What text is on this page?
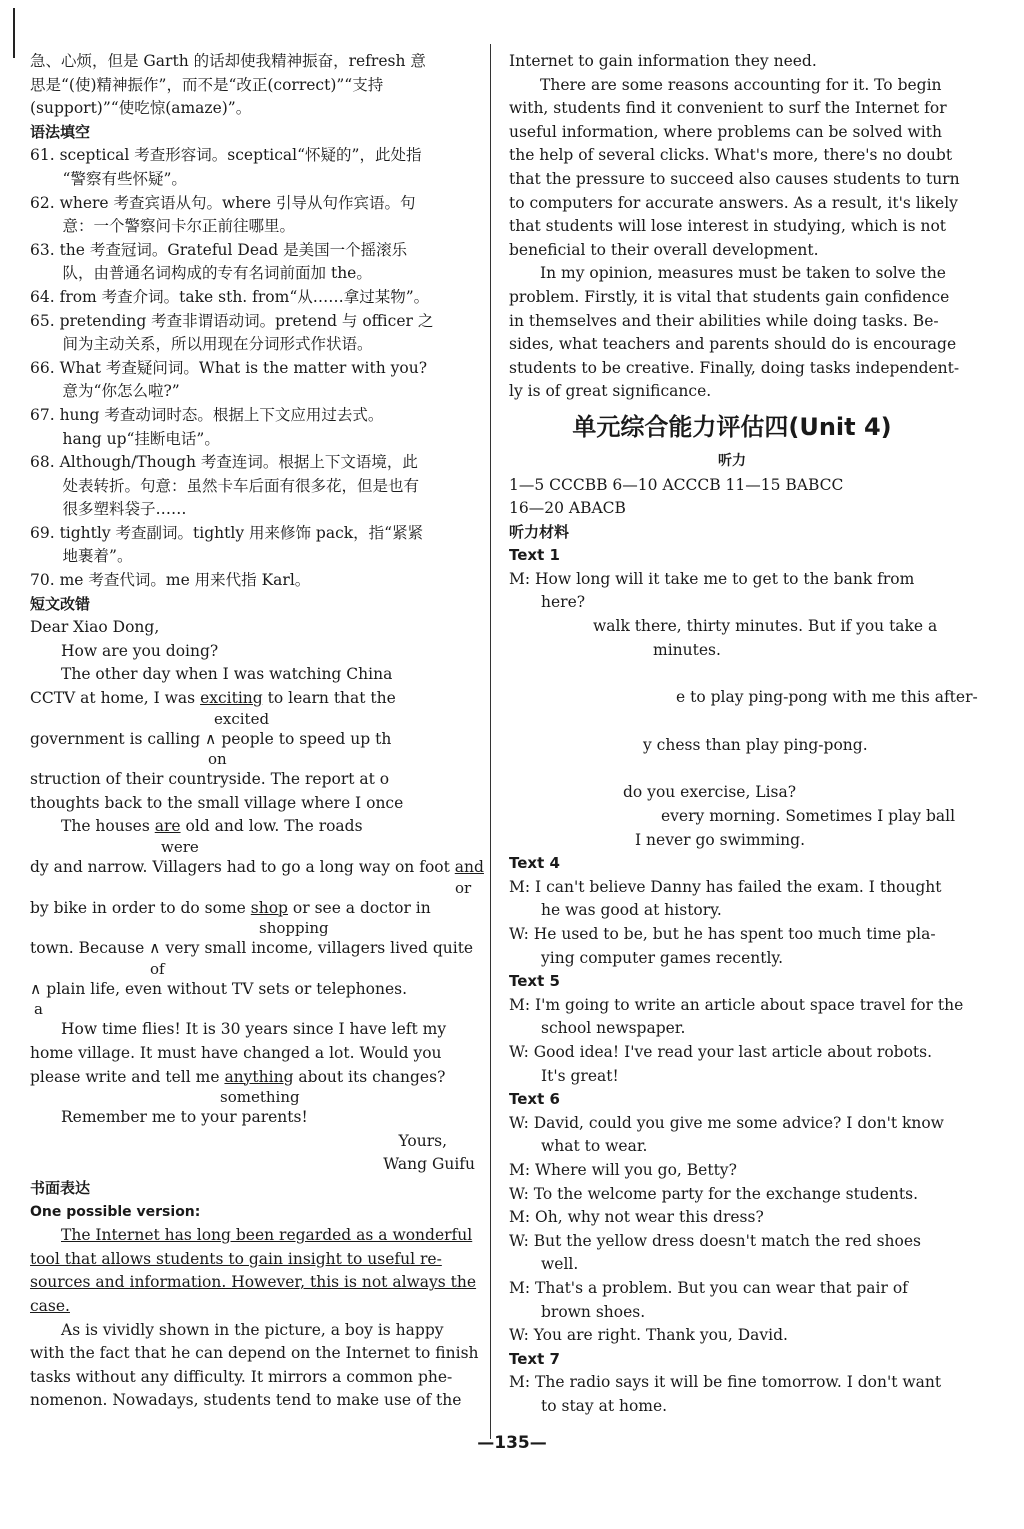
急、心烦，但是 Garth 的话却使我精神振奋，refresh 意
思是“(使)精神振作”，而不是“改正(correct)”“支持
(support)”“使吃惊(amaze)”。
语法填空
61. sceptical 考查形容词。sceptical“怀疑的”，此处指
“警察有些怀疑”。
62. where 考查宾语从句。where 引导从句作宾语。句
意：一个警察问卡尔正前往哪里。
63. the 考查冠词。Grateful Dead 是美国一个摇滚乐
队，由普通名词构成的专有名词前面加 the。
64. from 考查介词。take sth. from“从……拿过某物”。
65. pretending 考查非谓语动词。pretend 与 officer 之
间为主动关系，所以用现在分词形式作状语。
66. What 考查疑问词。What is the matter with you?
意为“你怎么啦?”
67. hung 考查动词时态。根据上下文应用过去式。
hang up“挂断电话”。
68. Although/Though 考查连词。根据上下文语境，此
处表转折。句意：虽然卡车后面有很多花，但是也有
很多塑料袋子……
69. tightly 考查副词。tightly 用来修饰 pack，指“紧紧
地裹着”。
70. me 考查代词。me 用来代指 Karl。
短文改错
Dear Xiao Dong,
How are you doing?
The other day when I was watching China
CCTV at home, I was exciting to learn that the
excited
government is calling ∧ people to speed up th
on
struction of their countryside. The report at o
thoughts back to the small village where I once
The houses are old and low. The roads
were
dy and narrow. Villagers had to go a long way on foot and
or
by bike in order to do some shop or see a doctor in
shopping
town. Because ∧ very small income, villagers lived quite
of
∧ plain life, even without TV sets or telephones.
a
How time flies! It is 30 years since I have left my
home village. It must have changed a lot. Would you
please write and tell me anything about its changes?
something
Remember me to your parents!
Yours,
Wang Guifu
书面表达
One possible version:
The Internet has long been regarded as a wonderful
tool that allows students to gain insight to useful re-
sources and information. However, this is not always the
case.
As is vividly shown in the picture, a boy is happy
with the fact that he can depend on the Internet to finish
tasks without any difficulty. It mirrors a common phe-
nomenon. Nowadays, students tend to make use of the
Internet to gain information they need.
There are some reasons accounting for it. To begin
with, students find it convenient to surf the Internet for
useful information, where problems can be solved with
the help of several clicks. What's more, there's no doubt
that the pressure to succeed also causes students to turn
to computers for accurate answers. As a result, it's likely
that students will lose interest in studying, which is not
beneficial to their overall development.
In my opinion, measures must be taken to solve the
problem. Firstly, it is vital that students gain confidence
in themselves and their abilities while doing tasks. Be-
sides, what teachers and parents should do is encourage
students to be creative. Finally, doing tasks independent-
ly is of great significance.
单元综合能力评估四(Unit 4)
听力
1—5 CCCBB 6—10 ACCCB 11—15 BABCC
16—20 ABACB
听力材料
Text 1
M: How long will it take me to get to the bank from
here?
walk there, thirty minutes. But if you take a
minutes.
e to play ping-pong with me this after-
y chess than play ping-pong.
do you exercise, Lisa?
every morning. Sometimes I play ball
I never go swimming.
Text 4
M: I can't believe Danny has failed the exam. I thought
he was good at history.
W: He used to be, but he has spent too much time pla-
ying computer games recently.
Text 5
M: I'm going to write an article about space travel for the
school newspaper.
W: Good idea! I've read your last article about robots.
It's great!
Text 6
W: David, could you give me some advice? I don't know
what to wear.
M: Where will you go, Betty?
W: To the welcome party for the exchange students.
M: Oh, why not wear this dress?
W: But the yellow dress doesn't match the red shoes
well.
M: That's a problem. But you can wear that pair of
brown shoes.
W: You are right. Thank you, David.
Text 7
M: The radio says it will be fine tomorrow. I don't want
to stay at home.
—135—
